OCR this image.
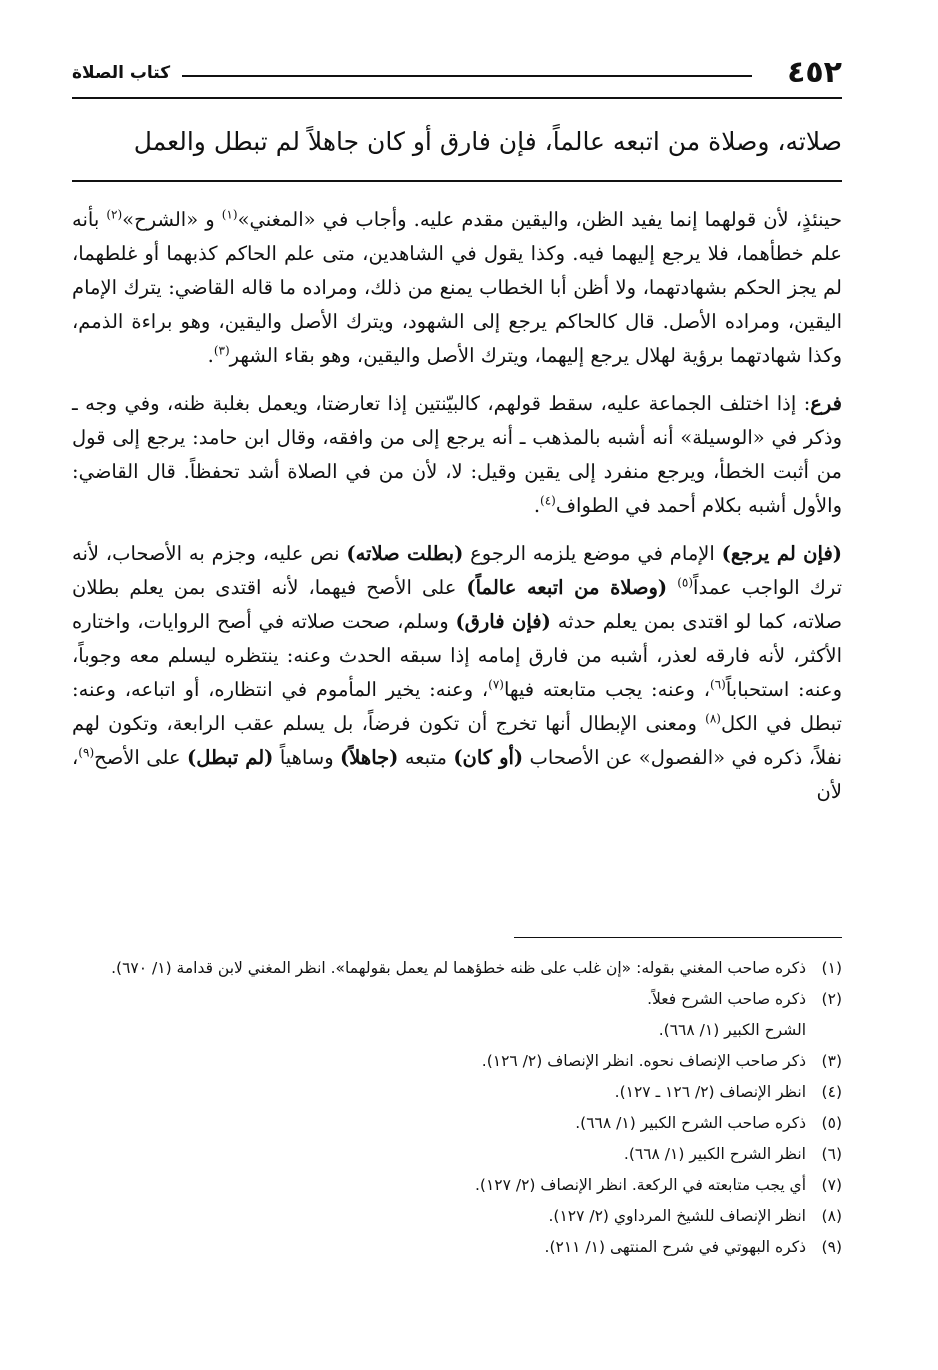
٤٥٢
كتاب الصلاة
صلاته، وصلاة من اتبعه عالماً، فإن فارق أو كان جاهلاً لم تبطل والعمل

حينئذٍ، لأن قولهما إنما يفيد الظن، واليقين مقدم عليه. وأجاب في «المغني»$^{(١)}$ و «الشرح»$^{(٢)}$ بأنه علم خطأهما، فلا يرجع إليهما فيه. وكذا يقول في الشاهدين، متى علم الحاكم كذبهما أو غلطهما، لم يجز الحكم بشهادتهما، ولا أظن أبا الخطاب يمنع من ذلك، ومراده ما قاله القاضي: يترك الإمام اليقين، ومراده الأصل. قال كالحاكم يرجع إلى الشهود، ويترك الأصل واليقين، وهو براءة الذمم، وكذا شهادتهما برؤية لهلال يرجع إليهما، ويترك الأصل واليقين، وهو بقاء الشهر$^{(٣)}$.

فرع: إذا اختلف الجماعة عليه، سقط قولهم، كالبيّنتين إذا تعارضتا، ويعمل بغلبة ظنه، وفي وجه ـ وذكر في «الوسيلة» أنه أشبه بالمذهب ـ أنه يرجع إلى من وافقه، وقال ابن حامد: يرجع إلى قول من أثبت الخطأ، ويرجع منفرد إلى يقين وقيل: لا، لأن من في الصلاة أشد تحفظاً. قال القاضي: والأول أشبه بكلام أحمد في الطواف$^{(٤)}$.

(فإن لم يرجع) الإمام في موضع يلزمه الرجوع (بطلت صلاته) نص عليه، وجزم به الأصحاب، لأنه ترك الواجب عمداً$^{(٥)}$ (وصلاة من اتبعه عالماً) على الأصح فيهما، لأنه اقتدى بمن يعلم بطلان صلاته، كما لو اقتدى بمن يعلم حدثه (فإن فارق) وسلم، صحت صلاته في أصح الروايات، واختاره الأكثر، لأنه فارقه لعذر، أشبه من فارق إمامه إذا سبقه الحدث وعنه: ينتظره ليسلم معه وجوباً، وعنه: استحباباً$^{(٦)}$، وعنه: يجب متابعته فيها$^{(٧)}$، وعنه: يخير المأموم في انتظاره، أو اتباعه، وعنه: تبطل في الكل$^{(٨)}$ ومعنى الإبطال أنها تخرج أن تكون فرضاً، بل يسلم عقب الرابعة، وتكون لهم نفلاً، ذكره في «الفصول» عن الأصحاب (أو كان) متبعه (جاهلاً) وساهياً (لم تبطل) على الأصح$^{(٩)}$، لأن

(١)
ذكره صاحب المغني بقوله: «إن غلب على ظنه خطؤهما لم يعمل بقولهما». انظر المغني لابن قدامة (١/ ٦٧٠).
(٢)
ذكره صاحب الشرح فعلاً.
الشرح الكبير (١/ ٦٦٨).
(٣)
ذكر صاحب الإنصاف نحوه. انظر الإنصاف (٢/ ١٢٦).
(٤)
انظر الإنصاف (٢/ ١٢٦ ـ ١٢٧).
(٥)
ذكره صاحب الشرح الكبير (١/ ٦٦٨).
(٦)
انظر الشرح الكبير (١/ ٦٦٨).
(٧)
أي يجب متابعته في الركعة. انظر الإنصاف (٢/ ١٢٧).
(٨)
انظر الإنصاف للشيخ المرداوي (٢/ ١٢٧).
(٩)
ذكره البهوتي في شرح المنتهى (١/ ٢١١).
